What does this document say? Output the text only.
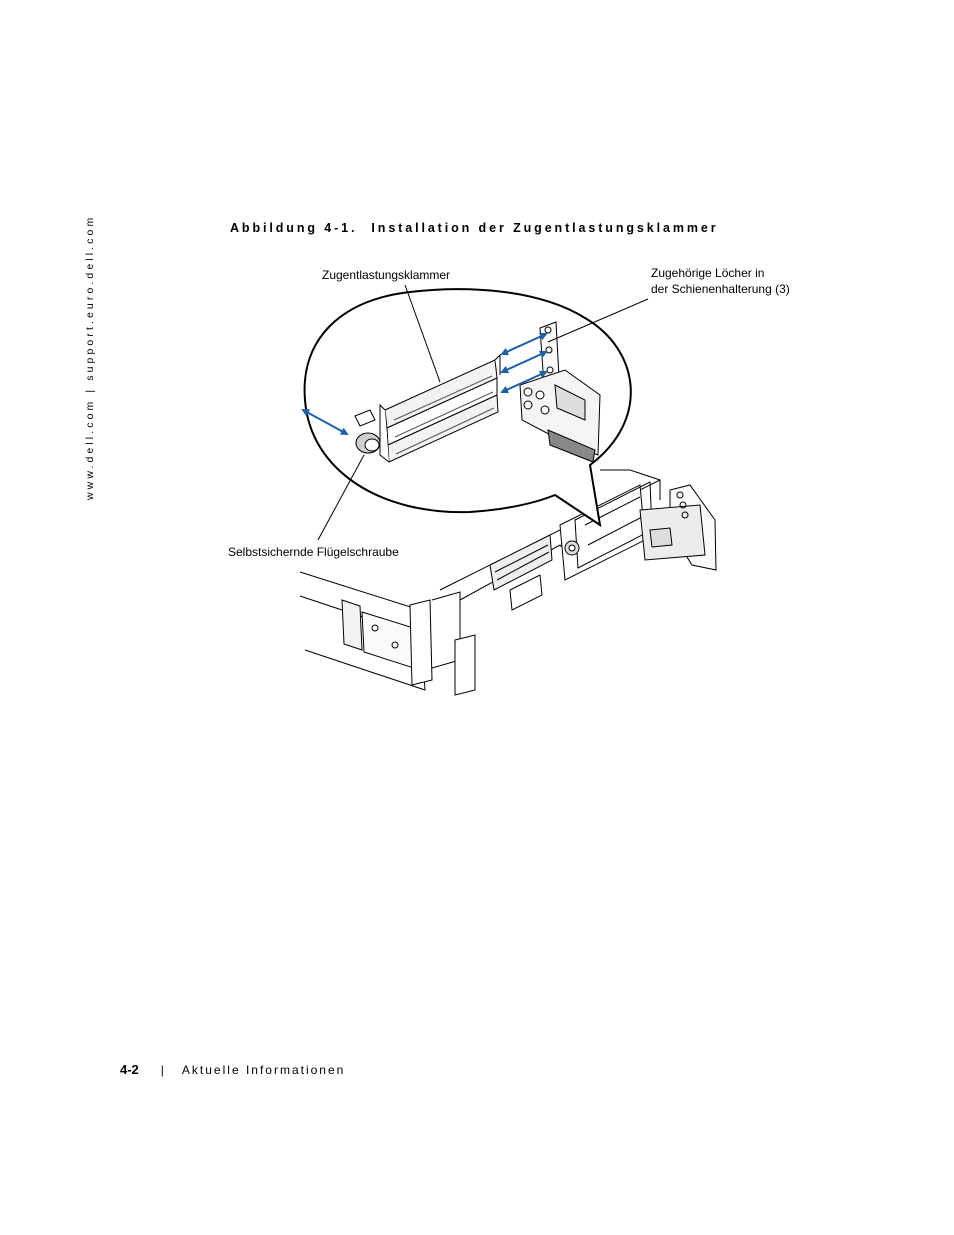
www.dell.com | support.euro.dell.com	Abbildung 4-1. Installation der Zugentlastungsklammer
Zugentlastungsklammer	Zugehörige Löcher in
der Schienenhalterung (3)
Selbstsichernde Flügelschraube
4-2 | Aktuelle Informationen
